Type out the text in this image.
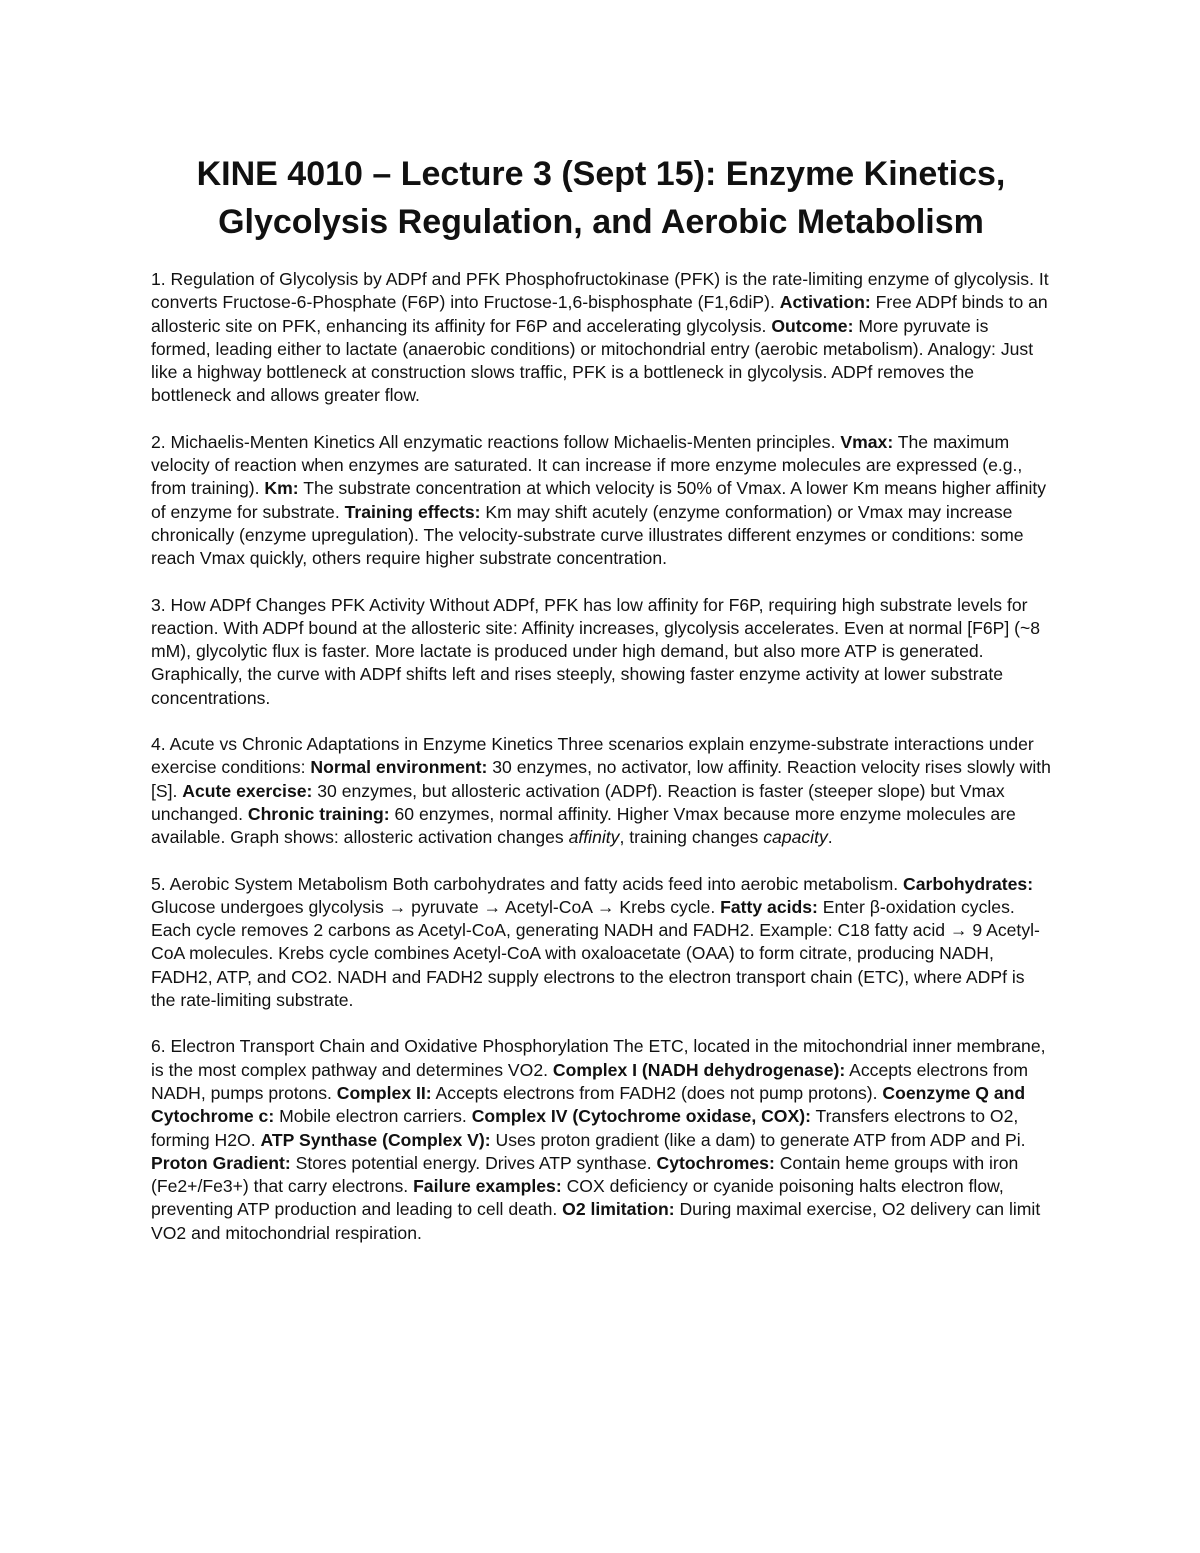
KINE 4010 – Lecture 3 (Sept 15): Enzyme Kinetics,
Glycolysis Regulation, and Aerobic Metabolism
1. Regulation of Glycolysis by ADPf and PFK Phosphofructokinase (PFK) is the rate-limiting enzyme of glycolysis. It converts Fructose-6-Phosphate (F6P) into Fructose-1,6-bisphosphate (F1,6diP). Activation: Free ADPf binds to an allosteric site on PFK, enhancing its affinity for F6P and accelerating glycolysis. Outcome: More pyruvate is formed, leading either to lactate (anaerobic conditions) or mitochondrial entry (aerobic metabolism). Analogy: Just like a highway bottleneck at construction slows traffic, PFK is a bottleneck in glycolysis. ADPf removes the bottleneck and allows greater flow.
2. Michaelis-Menten Kinetics All enzymatic reactions follow Michaelis-Menten principles. Vmax: The maximum velocity of reaction when enzymes are saturated. It can increase if more enzyme molecules are expressed (e.g., from training). Km: The substrate concentration at which velocity is 50% of Vmax. A lower Km means higher affinity of enzyme for substrate. Training effects: Km may shift acutely (enzyme conformation) or Vmax may increase chronically (enzyme upregulation). The velocity-substrate curve illustrates different enzymes or conditions: some reach Vmax quickly, others require higher substrate concentration.
3. How ADPf Changes PFK Activity Without ADPf, PFK has low affinity for F6P, requiring high substrate levels for reaction. With ADPf bound at the allosteric site: Affinity increases, glycolysis accelerates. Even at normal [F6P] (~8 mM), glycolytic flux is faster. More lactate is produced under high demand, but also more ATP is generated. Graphically, the curve with ADPf shifts left and rises steeply, showing faster enzyme activity at lower substrate concentrations.
4. Acute vs Chronic Adaptations in Enzyme Kinetics Three scenarios explain enzyme-substrate interactions under exercise conditions: Normal environment: 30 enzymes, no activator, low affinity. Reaction velocity rises slowly with [S]. Acute exercise: 30 enzymes, but allosteric activation (ADPf). Reaction is faster (steeper slope) but Vmax unchanged. Chronic training: 60 enzymes, normal affinity. Higher Vmax because more enzyme molecules are available. Graph shows: allosteric activation changes affinity, training changes capacity.
5. Aerobic System Metabolism Both carbohydrates and fatty acids feed into aerobic metabolism. Carbohydrates: Glucose undergoes glycolysis → pyruvate → Acetyl-CoA → Krebs cycle. Fatty acids: Enter β-oxidation cycles. Each cycle removes 2 carbons as Acetyl-CoA, generating NADH and FADH2. Example: C18 fatty acid → 9 Acetyl-CoA molecules. Krebs cycle combines Acetyl-CoA with oxaloacetate (OAA) to form citrate, producing NADH, FADH2, ATP, and CO2. NADH and FADH2 supply electrons to the electron transport chain (ETC), where ADPf is the rate-limiting substrate.
6. Electron Transport Chain and Oxidative Phosphorylation The ETC, located in the mitochondrial inner membrane, is the most complex pathway and determines VO2. Complex I (NADH dehydrogenase): Accepts electrons from NADH, pumps protons. Complex II: Accepts electrons from FADH2 (does not pump protons). Coenzyme Q and Cytochrome c: Mobile electron carriers. Complex IV (Cytochrome oxidase, COX): Transfers electrons to O2, forming H2O. ATP Synthase (Complex V): Uses proton gradient (like a dam) to generate ATP from ADP and Pi. Proton Gradient: Stores potential energy. Drives ATP synthase. Cytochromes: Contain heme groups with iron (Fe2+/Fe3+) that carry electrons. Failure examples: COX deficiency or cyanide poisoning halts electron flow, preventing ATP production and leading to cell death. O2 limitation: During maximal exercise, O2 delivery can limit VO2 and mitochondrial respiration.
